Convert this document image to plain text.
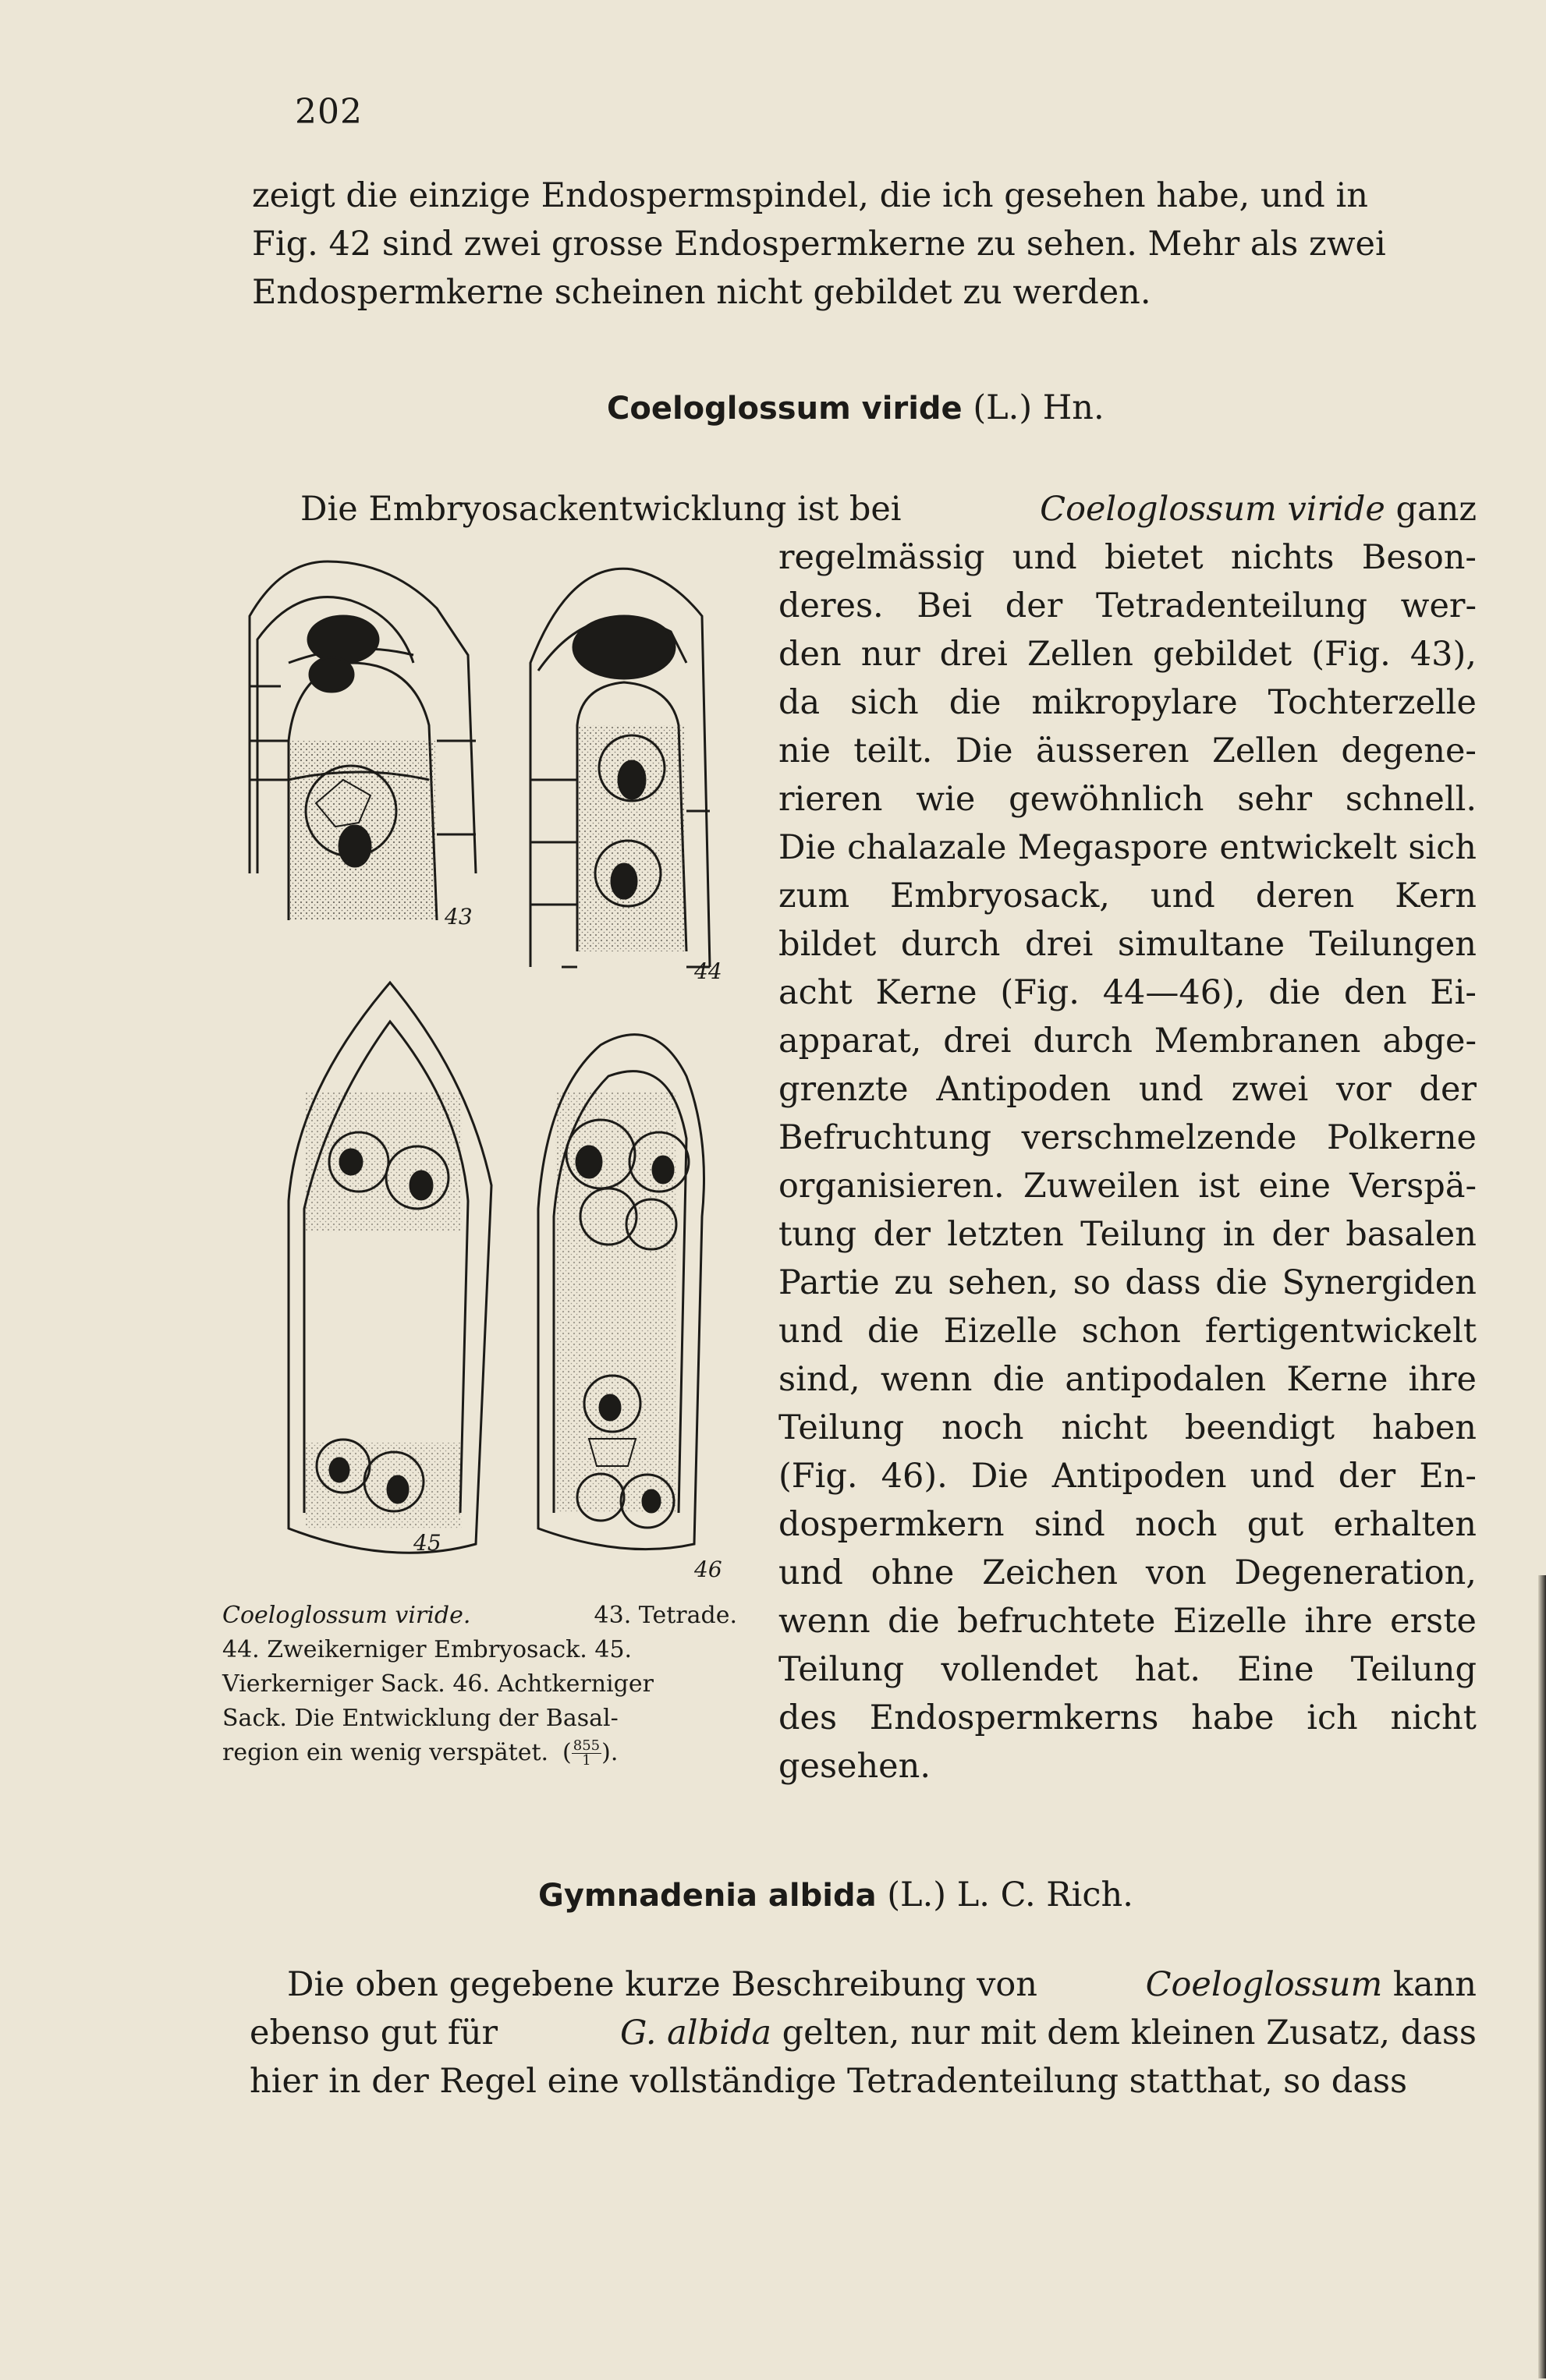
202
zeigt die einzige Endospermspindel, die ich gesehen habe, und in
Fig. 42 sind zwei grosse Endospermkerne zu sehen. Mehr als zwei
Endospermkerne scheinen nicht gebildet zu werden.
Coeloglossum viride (L.) Hn.
Die Embryosackentwicklung ist bei	Coeloglossum viride ganz
regelmässig und bietet nichts Beson-
deres. Bei der Tetradenteilung wer-
den nur drei Zellen gebildet (Fig. 43),
da sich die mikropylare Tochterzelle
nie teilt. Die äusseren Zellen degene-
rieren wie gewöhnlich sehr schnell.
Die chalazale Megaspore entwickelt sich
zum Embryosack, und deren Kern
bildet durch drei simultane Teilungen
acht Kerne (Fig. 44—46), die den Ei-
apparat, drei durch Membranen abge-
grenzte Antipoden und zwei vor der
Befruchtung verschmelzende Polkerne
organisieren. Zuweilen ist eine Verspä-
tung der letzten Teilung in der basalen
Partie zu sehen, so dass die Synergiden
und die Eizelle schon fertigentwickelt
sind, wenn die antipodalen Kerne ihre
Teilung noch nicht beendigt haben
(Fig. 46). Die Antipoden und der En-
dospermkern sind noch gut erhalten
und ohne Zeichen von Degeneration,
wenn die befruchtete Eizelle ihre erste
Teilung vollendet hat. Eine Teilung
des Endospermkerns habe ich nicht
gesehen.
43
44
45
46
Coeloglossum viride.	43. Tetrade.
44. Zweikerniger Embryosack. 45.
Vierkerniger Sack. 46. Achtkerniger
Sack. Die Entwicklung der Basal-
region ein wenig verspätet. ( 855
1 ).
Gymnadenia albida (L.) L. C. Rich.
Die oben gegebene kurze Beschreibung von	Coeloglossum kann
ebenso gut für	G. albida gelten, nur mit dem kleinen Zusatz, dass
hier in der Regel eine vollständige Tetradenteilung statthat, so dass
